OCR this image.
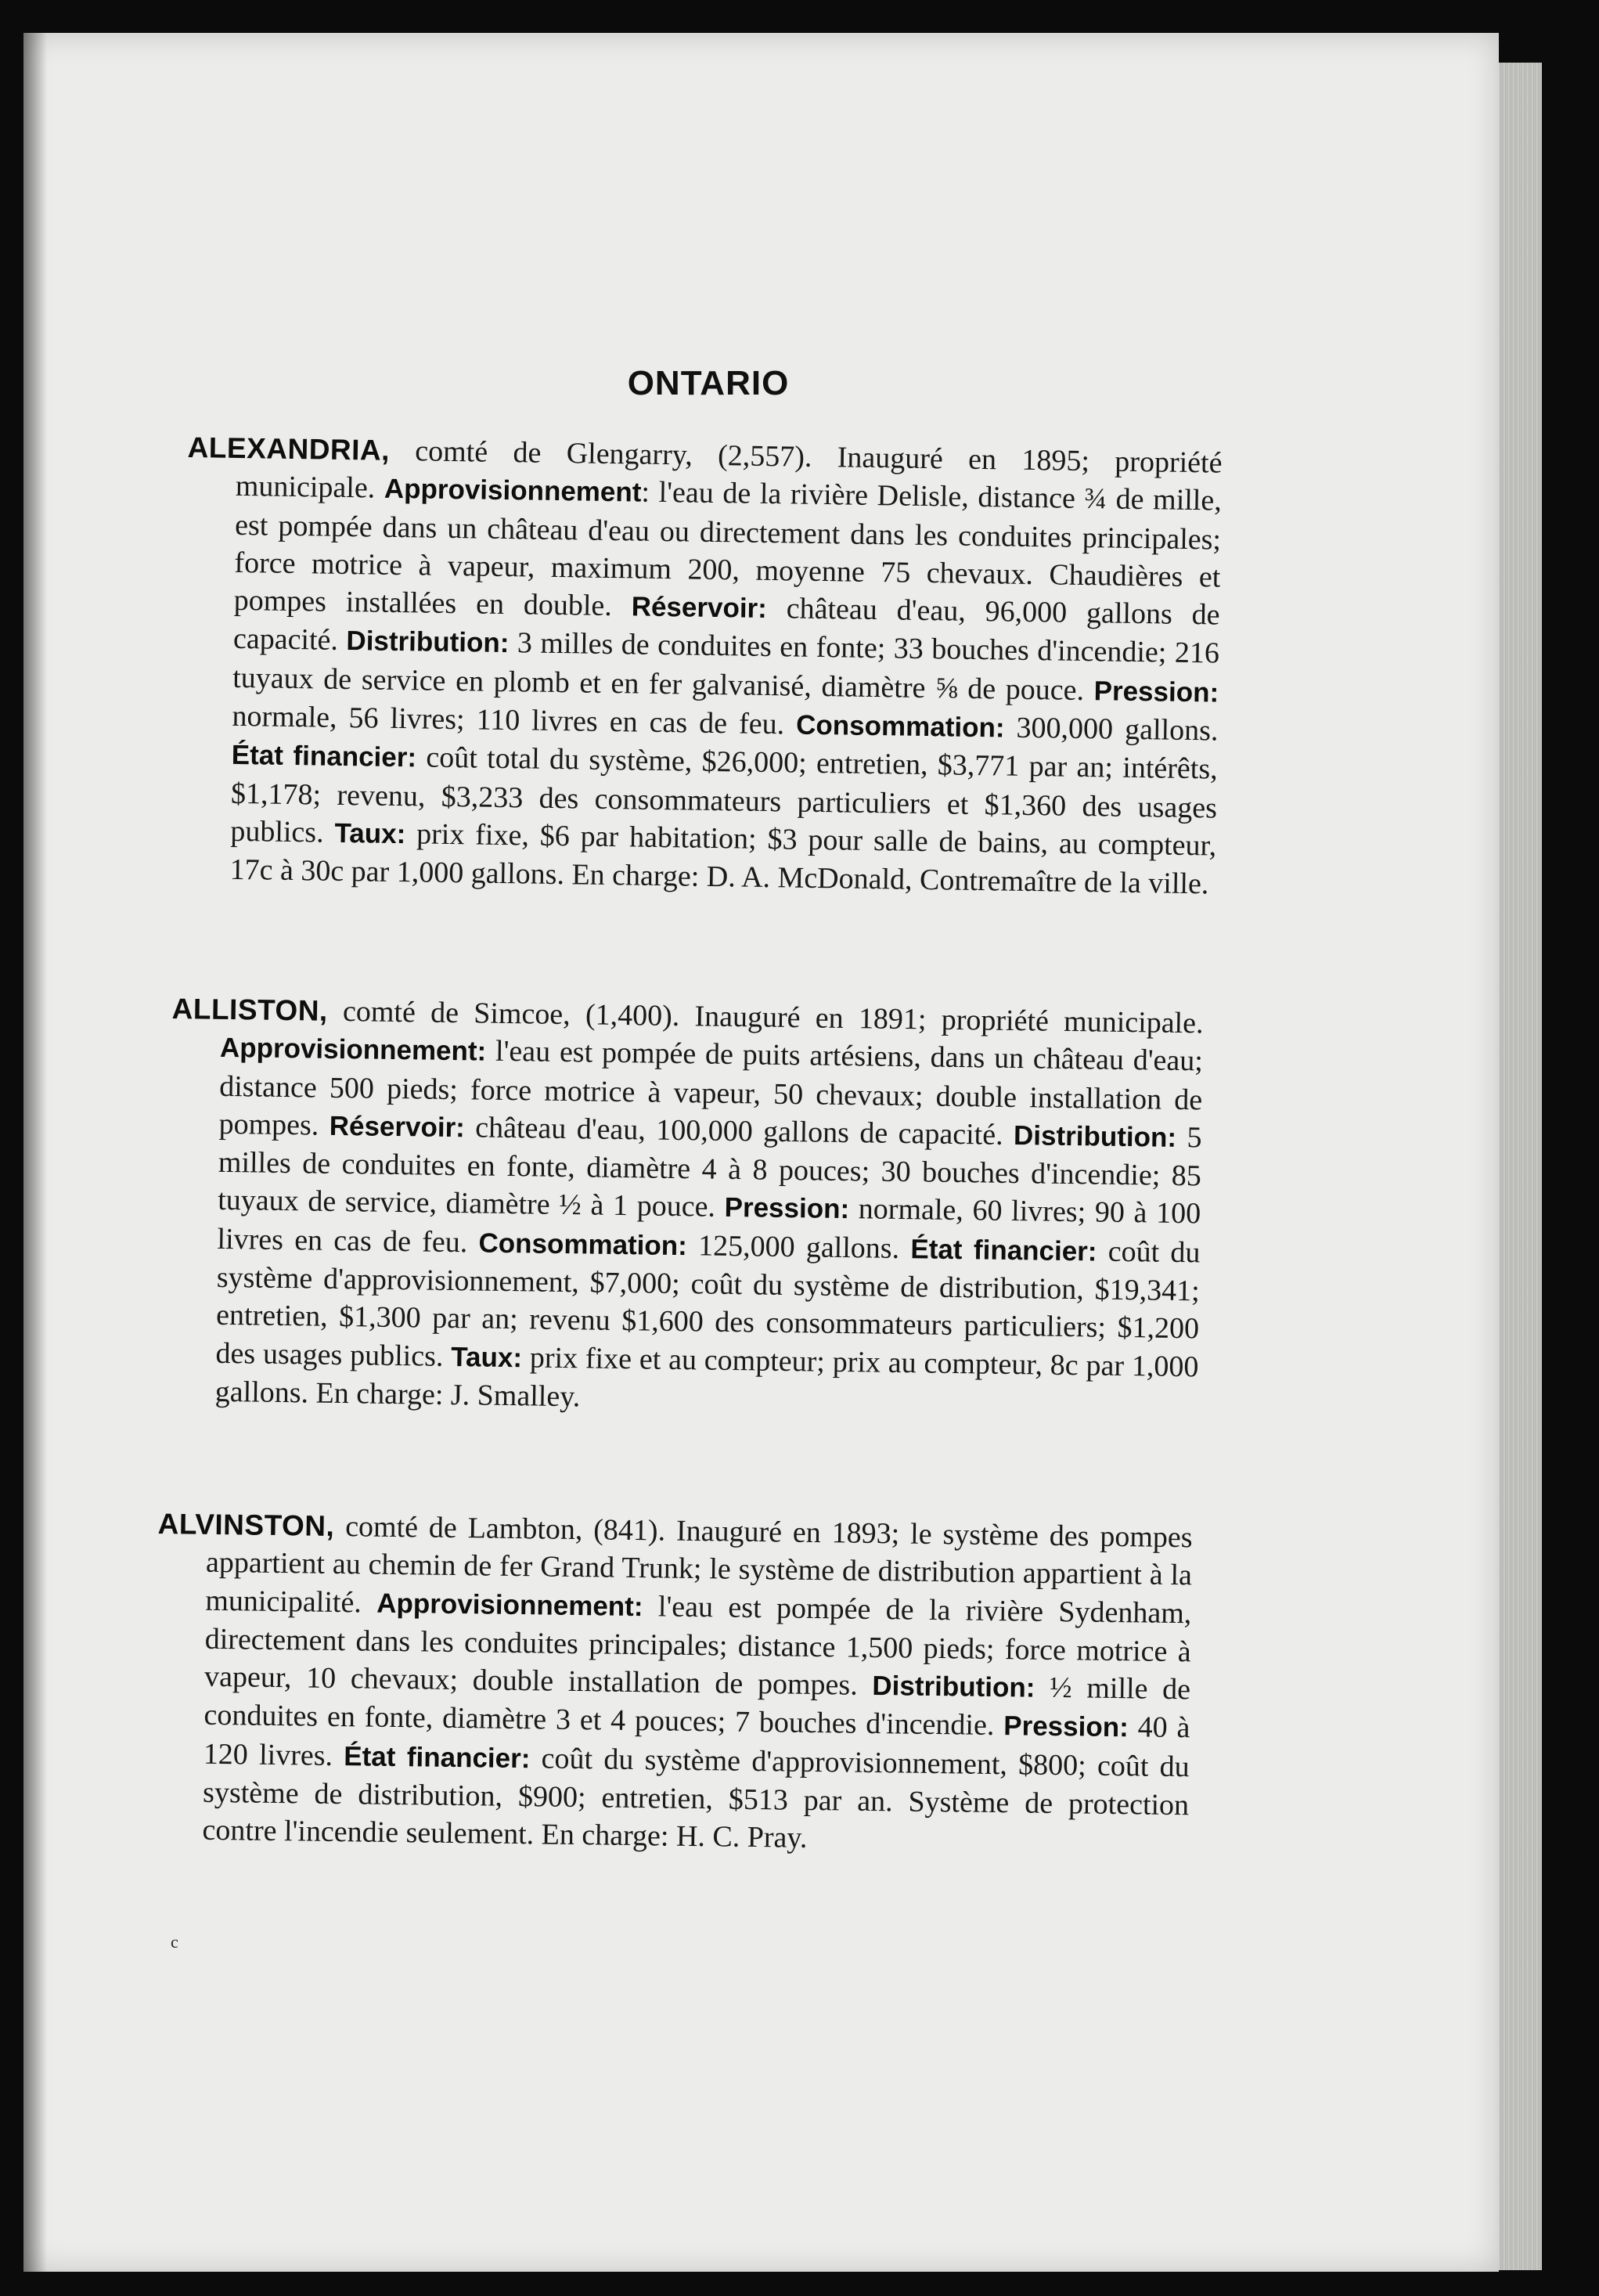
ONTARIO

ALEXANDRIA, comté de Glengarry, (2,557). Inauguré en 1895; propriété municipale. Approvisionnement: l'eau de la rivière Delisle, distance ¾ de mille, est pompée dans un château d'eau ou directement dans les conduites principales; force motrice à vapeur, maximum 200, moyenne 75 chevaux. Chaudières et pompes installées en double. Réservoir: château d'eau, 96,000 gallons de capacité. Distribution: 3 milles de conduites en fonte; 33 bouches d'incendie; 216 tuyaux de service en plomb et en fer galvanisé, diamètre ⅝ de pouce. Pression: normale, 56 livres; 110 livres en cas de feu. Consommation: 300,000 gallons. État financier: coût total du système, $26,000; entretien, $3,771 par an; intérêts, $1,178; revenu, $3,233 des consommateurs particuliers et $1,360 des usages publics. Taux: prix fixe, $6 par habitation; $3 pour salle de bains, au compteur, 17c à 30c par 1,000 gallons. En charge: D. A. McDonald, Contremaître de la ville.

ALLISTON, comté de Simcoe, (1,400). Inauguré en 1891; propriété municipale. Approvisionnement: l'eau est pompée de puits artésiens, dans un château d'eau; distance 500 pieds; force motrice à vapeur, 50 chevaux; double installation de pompes. Réservoir: château d'eau, 100,000 gallons de capacité. Distribution: 5 milles de conduites en fonte, diamètre 4 à 8 pouces; 30 bouches d'incendie; 85 tuyaux de service, diamètre ½ à 1 pouce. Pression: normale, 60 livres; 90 à 100 livres en cas de feu. Consommation: 125,000 gallons. État financier: coût du système d'approvisionnement, $7,000; coût du système de distribution, $19,341; entretien, $1,300 par an; revenu $1,600 des consommateurs particuliers; $1,200 des usages publics. Taux: prix fixe et au compteur; prix au compteur, 8c par 1,000 gallons. En charge: J. Smalley.

ALVINSTON, comté de Lambton, (841). Inauguré en 1893; le système des pompes appartient au chemin de fer Grand Trunk; le système de distribution appartient à la municipalité. Approvisionnement: l'eau est pompée de la rivière Sydenham, directement dans les conduites principales; distance 1,500 pieds; force motrice à vapeur, 10 chevaux; double installation de pompes. Distribution: ½ mille de conduites en fonte, diamètre 3 et 4 pouces; 7 bouches d'incendie. Pression: 40 à 120 livres. État financier: coût du système d'approvisionnement, $800; coût du système de distribution, $900; entretien, $513 par an. Système de protection contre l'incendie seulement. En charge: H. C. Pray.

c
